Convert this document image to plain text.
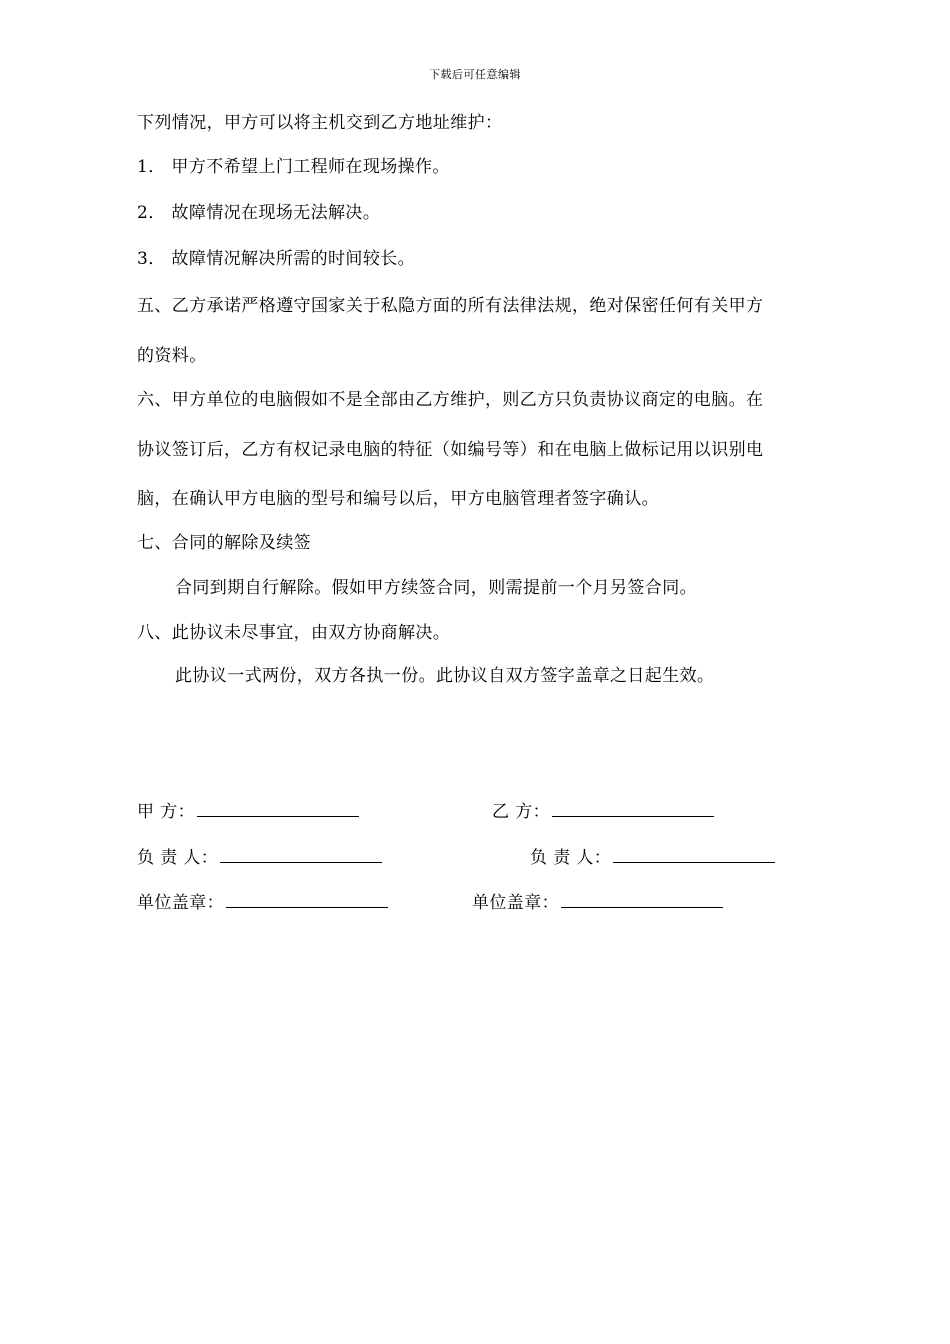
下载后可任意编辑
下列情况，甲方可以将主机交到乙方地址维护：
1． 甲方不希望上门工程师在现场操作。
2． 故障情况在现场无法解决。
3． 故障情况解决所需的时间较长。
五、乙方承诺严格遵守国家关于私隐方面的所有法律法规，绝对保密任何有关甲方
的资料。
六、甲方单位的电脑假如不是全部由乙方维护，则乙方只负责协议商定的电脑。在
协议签订后，乙方有权记录电脑的特征（如编号等）和在电脑上做标记用以识别电
脑，在确认甲方电脑的型号和编号以后，甲方电脑管理者签字确认。
七、合同的解除及续签
合同到期自行解除。假如甲方续签合同，则需提前一个月另签合同。
八、此协议未尽事宜，由双方协商解决。
此协议一式两份，双方各执一份。此协议自双方签字盖章之日起生效。
甲 方：	乙 方：
负 责 人：	负 责 人：
单位盖章：	单位盖章：
